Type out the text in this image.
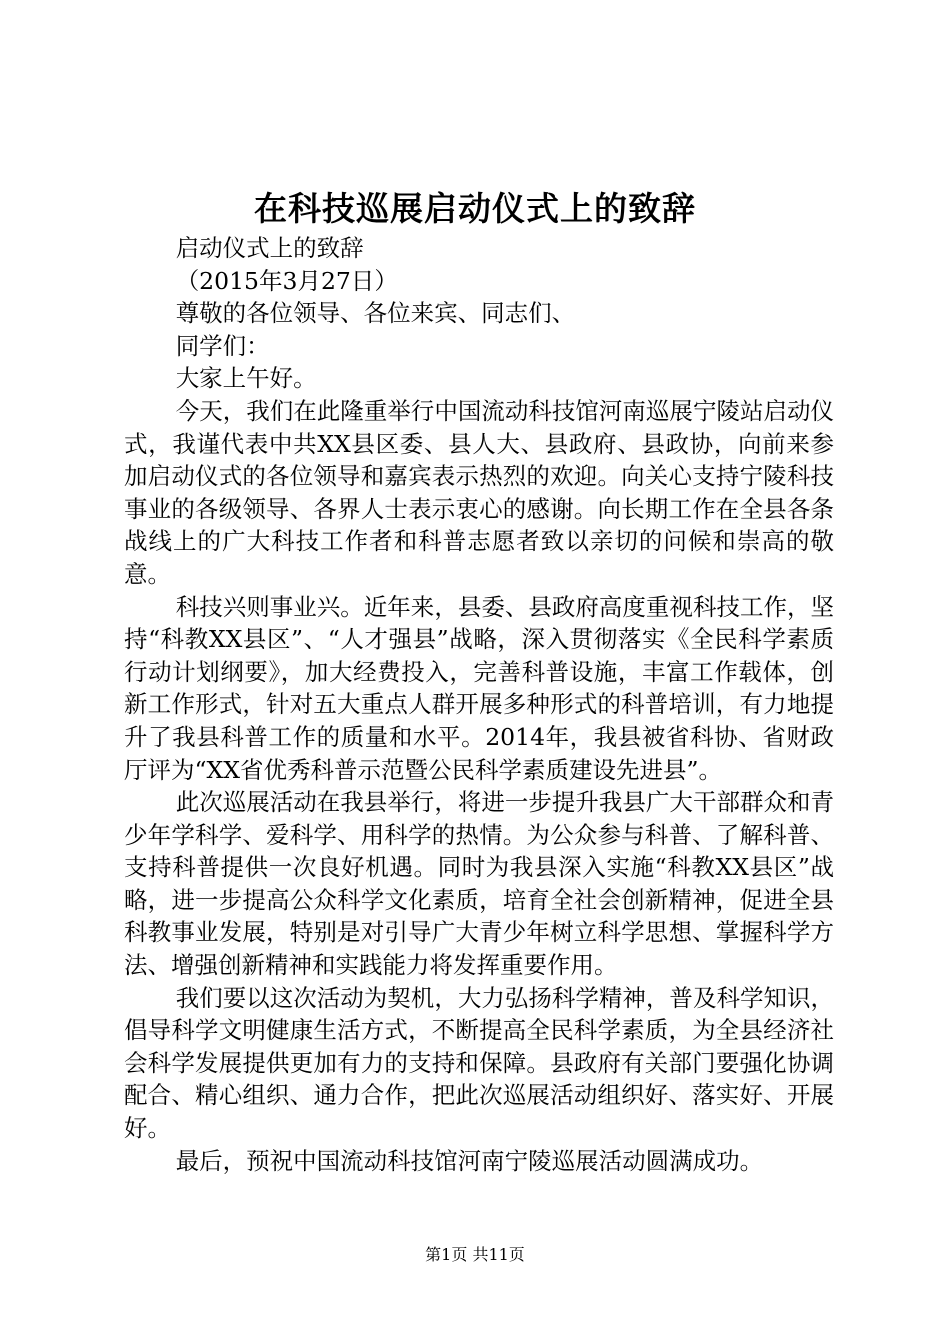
在科技巡展启动仪式上的致辞

启动仪式上的致辞

（2015年3月27日）

尊敬的各位领导、各位来宾、同志们、

同学们：

大家上午好。

今天，我们在此隆重举行中国流动科技馆河南巡展宁陵站启动仪式，我谨代表中共XX县区委、县人大、县政府、县政协，向前来参加启动仪式的各位领导和嘉宾表示热烈的欢迎。向关心支持宁陵科技事业的各级领导、各界人士表示衷心的感谢。向长期工作在全县各条战线上的广大科技工作者和科普志愿者致以亲切的问候和崇高的敬意。

科技兴则事业兴。近年来，县委、县政府高度重视科技工作，坚持“科教XX县区”、“人才强县”战略，深入贯彻落实《全民科学素质行动计划纲要》，加大经费投入，完善科普设施，丰富工作载体，创新工作形式，针对五大重点人群开展多种形式的科普培训，有力地提升了我县科普工作的质量和水平。2014年，我县被省科协、省财政厅评为“XX省优秀科普示范暨公民科学素质建设先进县”。

此次巡展活动在我县举行，将进一步提升我县广大干部群众和青少年学科学、爱科学、用科学的热情。为公众参与科普、了解科普、支持科普提供一次良好机遇。同时为我县深入实施“科教XX县区”战略，进一步提高公众科学文化素质，培育全社会创新精神，促进全县科教事业发展，特别是对引导广大青少年树立科学思想、掌握科学方法、增强创新精神和实践能力将发挥重要作用。

我们要以这次活动为契机，大力弘扬科学精神，普及科学知识，倡导科学文明健康生活方式，不断提高全民科学素质，为全县经济社会科学发展提供更加有力的支持和保障。县政府有关部门要强化协调配合、精心组织、通力合作，把此次巡展活动组织好、落实好、开展好。

最后，预祝中国流动科技馆河南宁陵巡展活动圆满成功。

第1页 共11页
